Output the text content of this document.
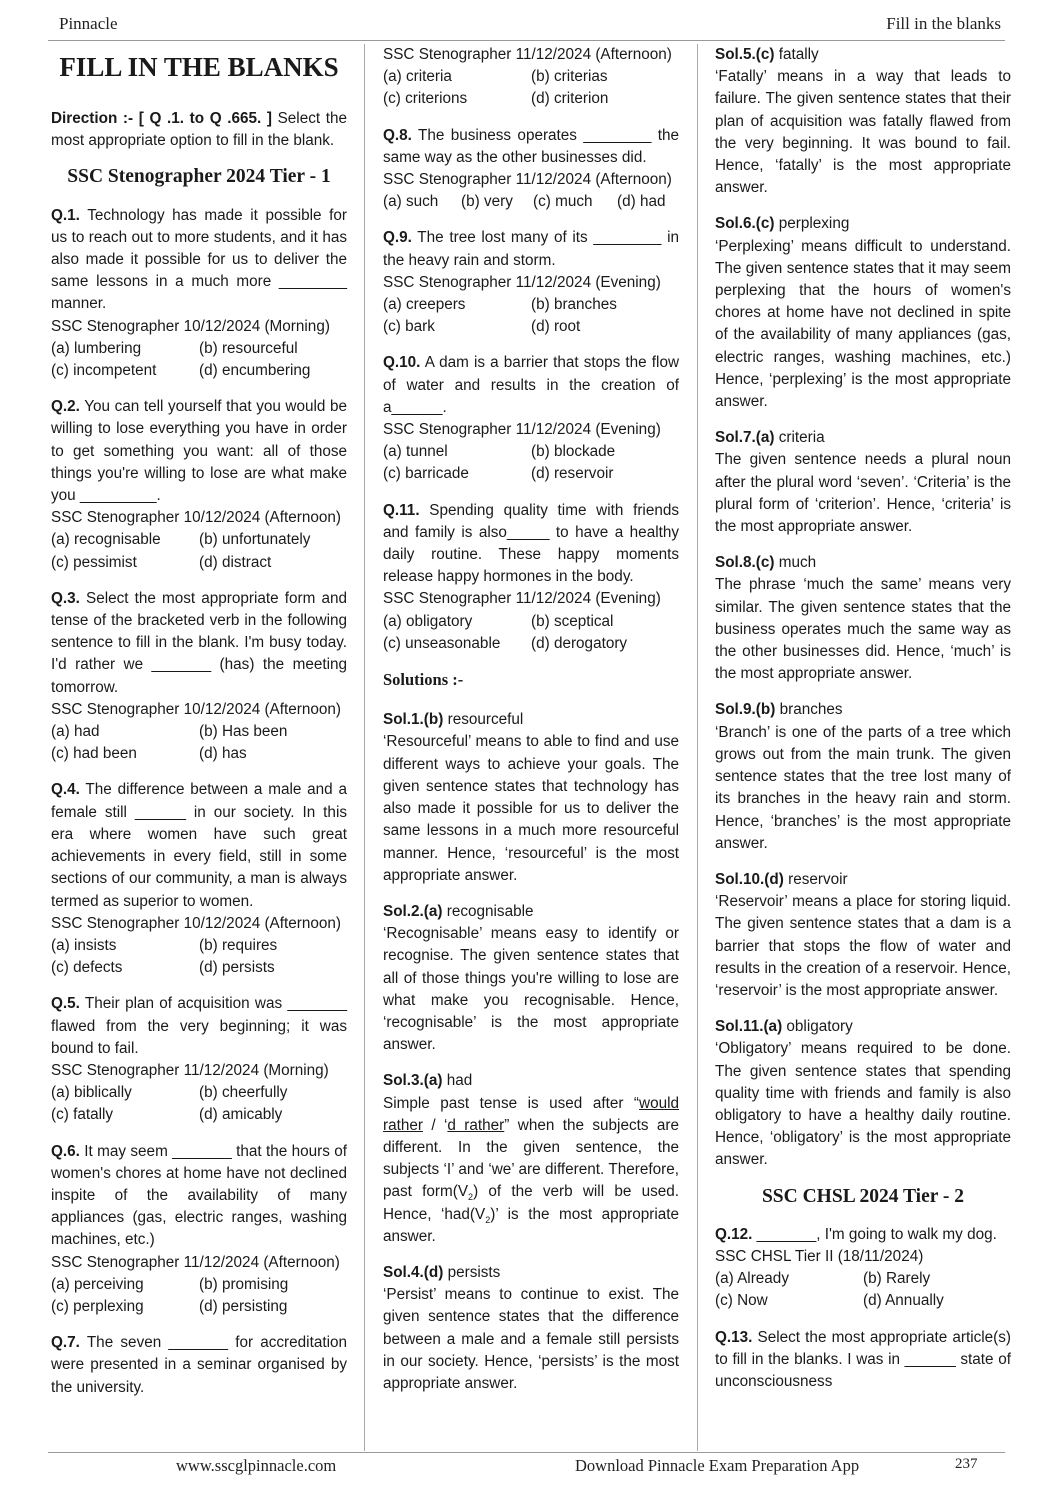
Pinnacle	Fill in the blanks
FILL IN THE BLANKS
Direction :- [ Q .1. to Q .665. ] Select the most appropriate option to fill in the blank.
SSC Stenographer 2024 Tier - 1
Q.1. Technology has made it possible for us to reach out to more students, and it has also made it possible for us to deliver the same lessons in a much more ________ manner.
SSC Stenographer 10/12/2024 (Morning)
(a) lumbering	(b) resourceful
(c) incompetent	(d) encumbering
Q.2. You can tell yourself that you would be willing to lose everything you have in order to get something you want: all of those things you're willing to lose are what make you _________.
SSC Stenographer 10/12/2024 (Afternoon)
(a) recognisable	(b) unfortunately
(c) pessimist	(d) distract
Q.3. Select the most appropriate form and tense of the bracketed verb in the following sentence to fill in the blank. I'm busy today. I'd rather we _______ (has) the meeting tomorrow.
SSC Stenographer 10/12/2024 (Afternoon)
(a) had	(b) Has been
(c) had been	(d) has
Q.4. The difference between a male and a female still ______ in our society. In this era where women have such great achievements in every field, still in some sections of our community, a man is always termed as superior to women.
SSC Stenographer 10/12/2024 (Afternoon)
(a) insists	(b) requires
(c) defects	(d) persists
Q.5. Their plan of acquisition was _______ flawed from the very beginning; it was bound to fail.
SSC Stenographer 11/12/2024 (Morning)
(a) biblically	(b) cheerfully
(c) fatally	(d) amicably
Q.6. It may seem _______ that the hours of women's chores at home have not declined inspite of the availability of many appliances (gas, electric ranges, washing machines, etc.)
SSC Stenographer 11/12/2024 (Afternoon)
(a) perceiving	(b) promising
(c) perplexing	(d) persisting
Q.7. The seven _______ for accreditation were presented in a seminar organised by the university.
SSC Stenographer 11/12/2024 (Afternoon)
(a) criteria	(b) criterias
(c) criterions	(d) criterion
Q.8. The business operates ________ the same way as the other businesses did.
SSC Stenographer 11/12/2024 (Afternoon)
(a) such	(b) very	(c) much	(d) had
Q.9. The tree lost many of its ________ in the heavy rain and storm.
SSC Stenographer 11/12/2024 (Evening)
(a) creepers	(b) branches
(c) bark	(d) root
Q.10. A dam is a barrier that stops the flow of water and results in the creation of a______.
SSC Stenographer 11/12/2024 (Evening)
(a) tunnel	(b) blockade
(c) barricade	(d) reservoir
Q.11. Spending quality time with friends and family is also_____ to have a healthy daily routine. These happy moments release happy hormones in the body.
SSC Stenographer 11/12/2024 (Evening)
(a) obligatory	(b) sceptical
(c) unseasonable	(d) derogatory
Solutions :-
Sol.1.(b) resourceful
‘Resourceful’ means to able to find and use different ways to achieve your goals. The given sentence states that technology has also made it possible for us to deliver the same lessons in a much more resourceful manner. Hence, ‘resourceful’ is the most appropriate answer.
Sol.2.(a) recognisable
‘Recognisable’ means easy to identify or recognise. The given sentence states that all of those things you're willing to lose are what make you recognisable. Hence, ‘recognisable’ is the most appropriate answer.
Sol.3.(a) had
Simple past tense is used after “would rather / ‘d rather” when the subjects are different. In the given sentence, the subjects ‘I’ and ‘we’ are different. Therefore, past $form(V_2)$ of the verb will be used. Hence, ‘$had(V_2)$’ is the most appropriate answer.
Sol.4.(d) persists
‘Persist’ means to continue to exist. The given sentence states that the difference between a male and a female still persists in our society. Hence, ‘persists’ is the most appropriate answer.
Sol.5.(c) fatally
‘Fatally’ means in a way that leads to failure. The given sentence states that their plan of acquisition was fatally flawed from the very beginning. It was bound to fail. Hence, ‘fatally’ is the most appropriate answer.
Sol.6.(c) perplexing
‘Perplexing’ means difficult to understand. The given sentence states that it may seem perplexing that the hours of women's chores at home have not declined in spite of the availability of many appliances (gas, electric ranges, washing machines, etc.) Hence, ‘perplexing’ is the most appropriate answer.
Sol.7.(a) criteria
The given sentence needs a plural noun after the plural word ‘seven’. ‘Criteria’ is the plural form of ‘criterion’. Hence, ‘criteria’ is the most appropriate answer.
Sol.8.(c) much
The phrase ‘much the same’ means very similar. The given sentence states that the business operates much the same way as the other businesses did. Hence, ‘much’ is the most appropriate answer.
Sol.9.(b) branches
‘Branch’ is one of the parts of a tree which grows out from the main trunk. The given sentence states that the tree lost many of its branches in the heavy rain and storm. Hence, ‘branches’ is the most appropriate answer.
Sol.10.(d) reservoir
‘Reservoir’ means a place for storing liquid. The given sentence states that a dam is a barrier that stops the flow of water and results in the creation of a reservoir. Hence, ‘reservoir’ is the most appropriate answer.
Sol.11.(a) obligatory
‘Obligatory’ means required to be done. The given sentence states that spending quality time with friends and family is also obligatory to have a healthy daily routine. Hence, ‘obligatory’ is the most appropriate answer.
SSC CHSL 2024 Tier - 2
Q.12. _______, I'm going to walk my dog.
SSC CHSL Tier II (18/11/2024)
(a) Already	(b) Rarely
(c) Now	(d) Annually
Q.13. Select the most appropriate article(s) to fill in the blanks. I was in ______ state of unconsciousness
www.sscglpinnacle.com	Download Pinnacle Exam Preparation App	237
